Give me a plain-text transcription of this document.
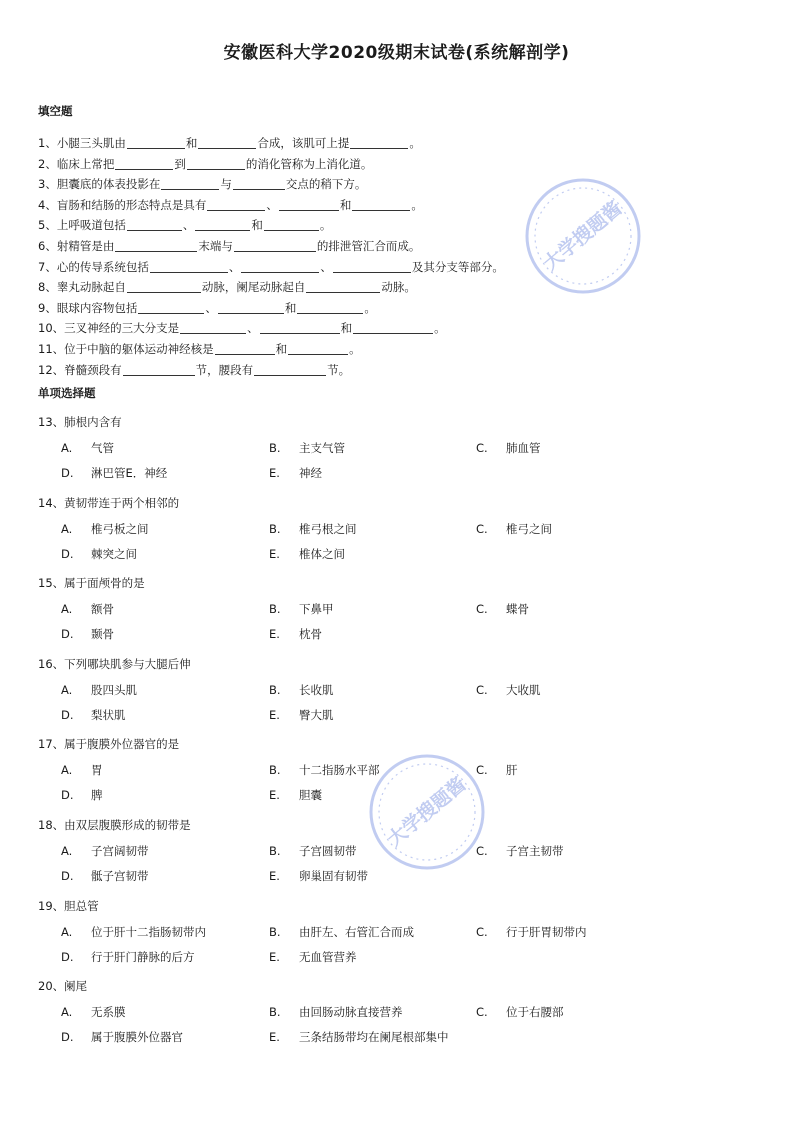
安徽医科大学2020级期末试卷(系统解剖学)
填空题
1、小腿三头肌由	和	合成，该肌可上提	。
2、临床上常把	到	的消化管称为上消化道。
3、胆囊底的体表投影在	与	交点的稍下方。
4、盲肠和结肠的形态特点是具有	、	和	。
5、上呼吸道包括	、	和	。
6、射精管是由	末端与	的排泄管汇合而成。
7、心的传导系统包括	、	、	及其分支等部分。
8、睾丸动脉起自	动脉，阑尾动脉起自	动脉。
9、眼球内容物包括	、	和	。
10、三叉神经的三大分支是	、	和	。
11、位于中脑的躯体运动神经核是	和	。
12、脊髓颈段有	节，腰段有	节。
单项选择题
13、肺根内含有
A. 气管	B. 主支气管	C. 肺血管
D. 淋巴管E．神经	E. 神经
14、黄韧带连于两个相邻的
A. 椎弓板之间	B. 椎弓根之间	C. 椎弓之间
D. 棘突之间	E. 椎体之间
15、属于面颅骨的是
A. 额骨	B. 下鼻甲	C. 蝶骨
D. 颞骨	E. 枕骨
16、下列哪块肌参与大腿后伸
A. 股四头肌	B. 长收肌	C. 大收肌
D. 梨状肌	E. 臀大肌
17、属于腹膜外位器官的是
A. 胃	B. 十二指肠水平部	C. 肝
D. 脾	E. 胆囊
18、由双层腹膜形成的韧带是
A. 子宫阔韧带	B. 子宫圆韧带	C. 子宫主韧带
D. 骶子宫韧带	E. 卵巢固有韧带
19、胆总管
A. 位于肝十二指肠韧带内	B. 由肝左、右管汇合而成	C. 行于肝胃韧带内
D. 行于肝门静脉的后方	E. 无血管营养
20、阑尾
A. 无系膜	B. 由回肠动脉直接营养	C. 位于右腰部
D. 属于腹膜外位器官	E. 三条结肠带均在阑尾根部集中
大学搜题酱
大学搜题酱
